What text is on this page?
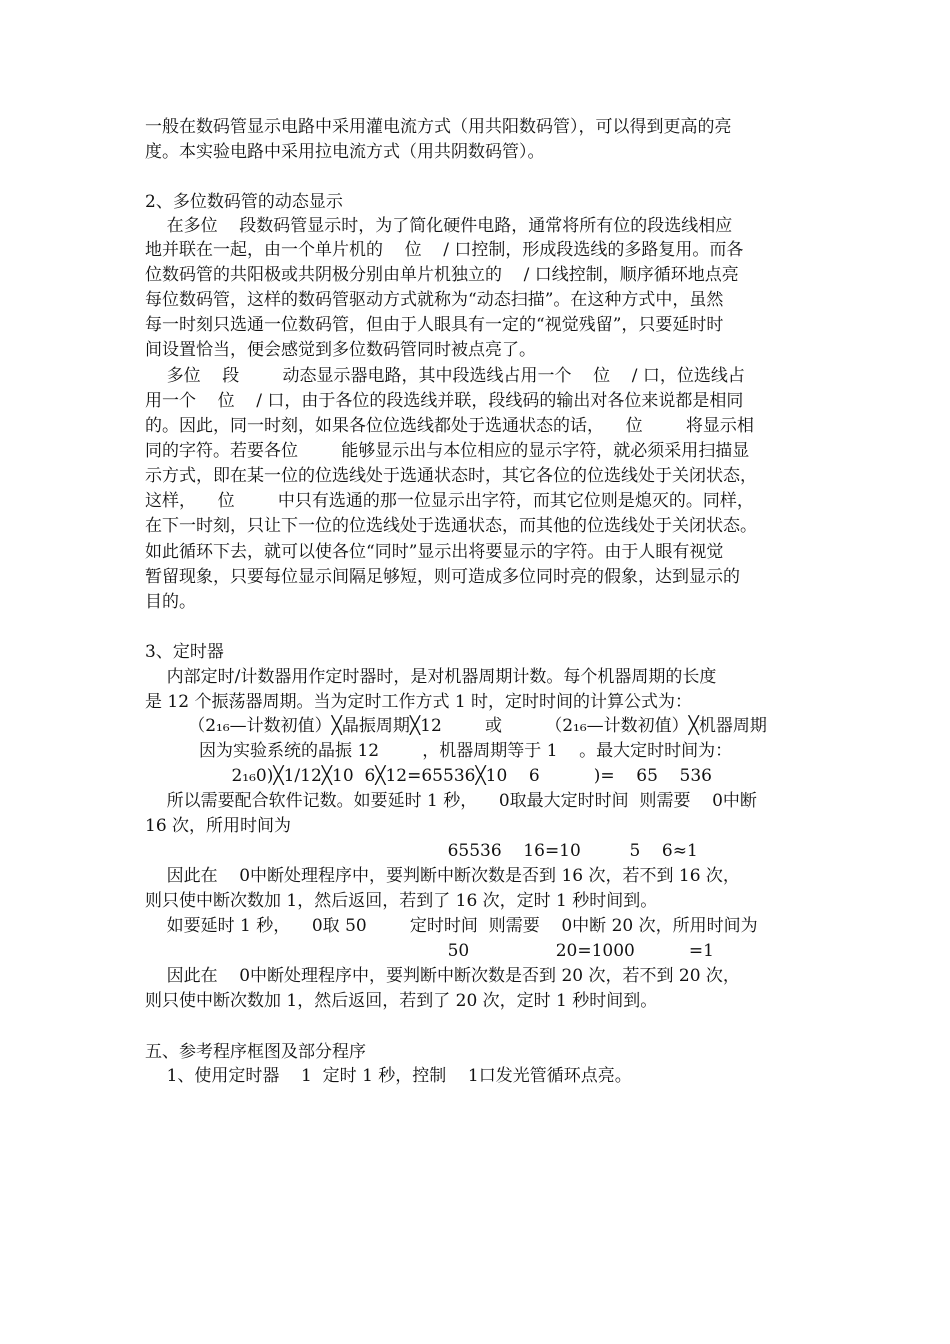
一般在数码管显示电路中采用灌电流方式（用共阳数码管），可以得到更高的亮
度。本实验电路中采用拉电流方式（用共阴数码管）。
2、多位数码管的动态显示
在多位    段数码管显示时，为了简化硬件电路，通常将所有位的段选线相应
地并联在一起，由一个单片机的    位    / 口控制，形成段选线的多路复用。而各
位数码管的共阳极或共阴极分别由单片机独立的    / 口线控制，顺序循环地点亮
每位数码管，这样的数码管驱动方式就称为“动态扫描”。在这种方式中，虽然
每一时刻只选通一位数码管，但由于人眼具有一定的“视觉残留”，只要延时时
间设置恰当，便会感觉到多位数码管同时被点亮了。
多位    段        动态显示器电路，其中段选线占用一个    位    / 口，位选线占
用一个    位    / 口，由于各位的段选线并联，段线码的输出对各位来说都是相同
的。因此，同一时刻，如果各位位选线都处于选通状态的话，    位        将显示相
同的字符。若要各位        能够显示出与本位相应的显示字符，就必须采用扫描显
示方式，即在某一位的位选线处于选通状态时，其它各位的位选线处于关闭状态，
这样，    位        中只有选通的那一位显示出字符，而其它位则是熄灭的。同样，
在下一时刻，只让下一位的位选线处于选通状态，而其他的位选线处于关闭状态。
如此循环下去，就可以使各位“同时”显示出将要显示的字符。由于人眼有视觉
暂留现象，只要每位显示间隔足够短，则可造成多位同时亮的假象，达到显示的
目的。
3、定时器
内部定时/计数器用作定时器时，是对机器周期计数。每个机器周期的长度
是 12 个振荡器周期。当为定时工作方式 1 时，定时时间的计算公式为：
（2₁₆—计数初值）╳晶振周期╳12        或        （2₁₆—计数初值）╳机器周期
因为实验系统的晶振 12        ，机器周期等于 1    。最大定时时间为：
2₁₆0)╳1/12╳10  6╳12=65536╳10    6          )=    65    536
所以需要配合软件记数。如要延时 1 秒，    0取最大定时时间  则需要    0中断
16 次，所用时间为
65536    16=10         5    6≈1
因此在    0中断处理程序中，要判断中断次数是否到 16 次，若不到 16 次，
则只使中断次数加 1，然后返回，若到了 16 次，定时 1 秒时间到。
如要延时 1 秒，    0取 50        定时时间  则需要    0中断 20 次，所用时间为
50                20=1000          =1
因此在    0中断处理程序中，要判断中断次数是否到 20 次，若不到 20 次，
则只使中断次数加 1，然后返回，若到了 20 次，定时 1 秒时间到。
五、参考程序框图及部分程序
1、使用定时器    1  定时 1 秒，控制    1口发光管循环点亮。
